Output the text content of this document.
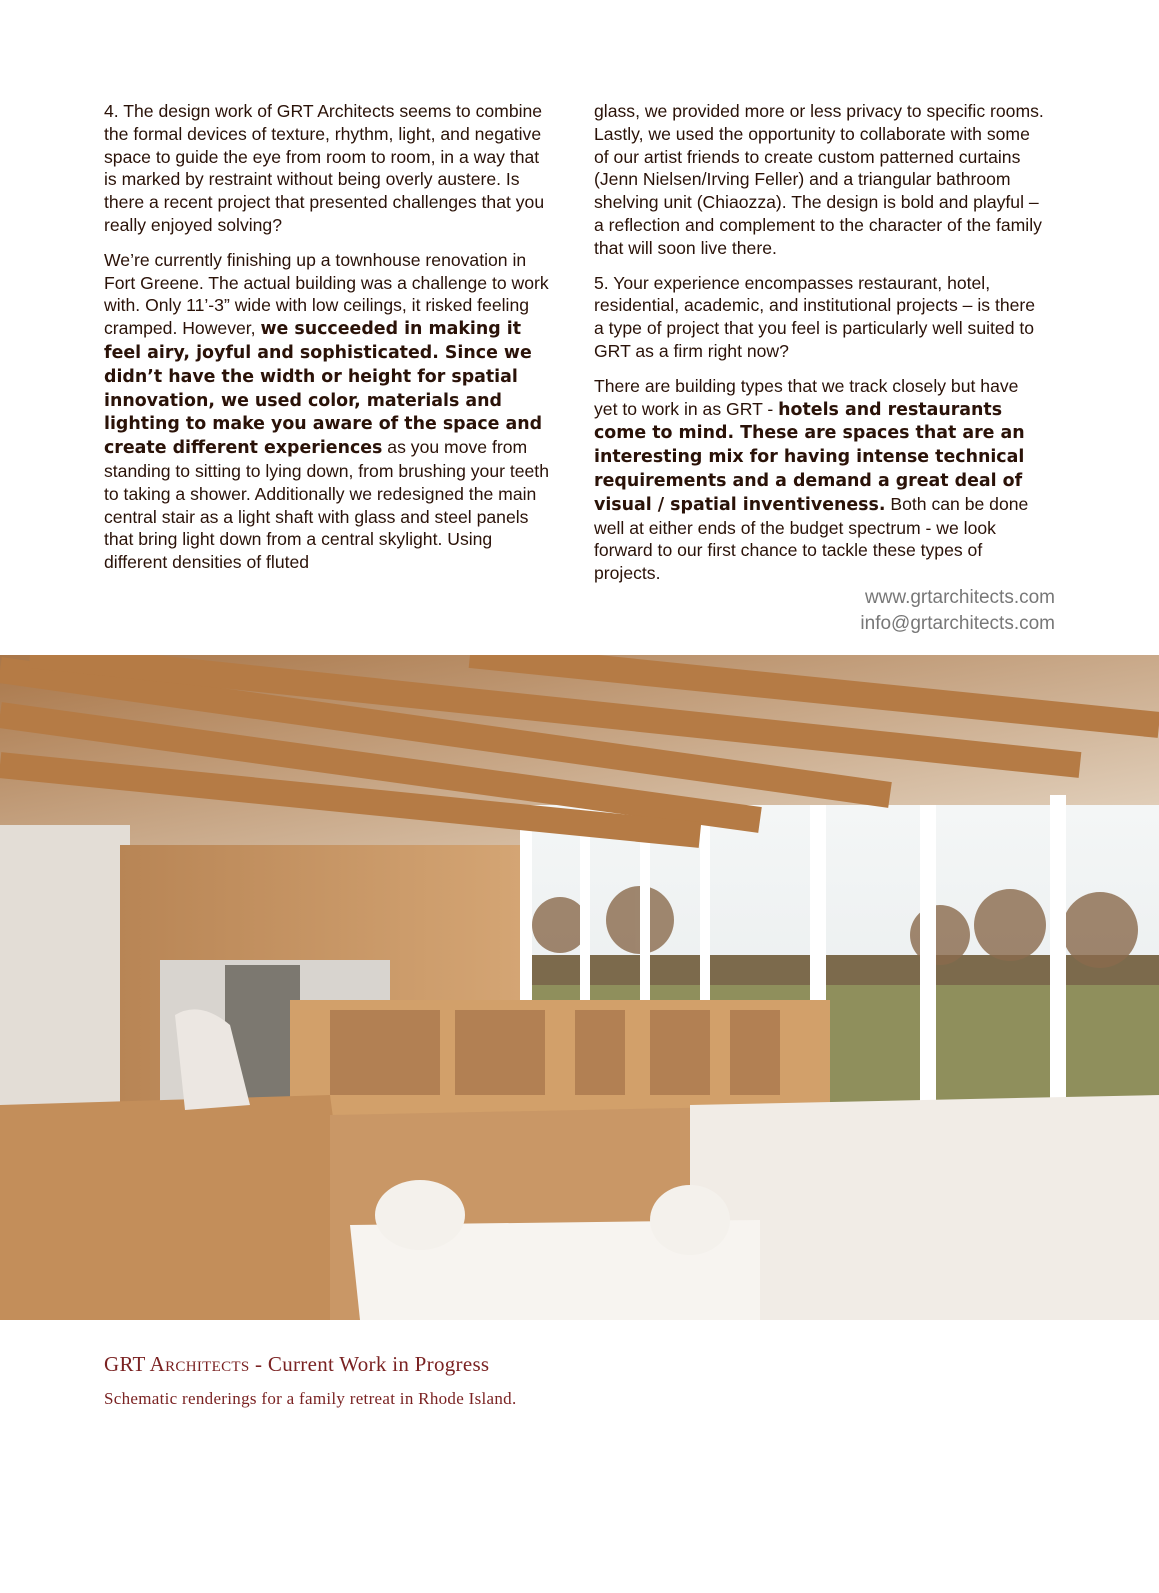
4. The design work of GRT Architects seems to combine the formal devices of texture, rhythm, light, and negative space to guide the eye from room to room, in a way that is marked by restraint without being overly austere. Is there a recent project that presented challenges that you really enjoyed solving?

We’re currently finishing up a townhouse renovation in Fort Greene. The actual building was a challenge to work with. Only 11’-3” wide with low ceilings, it risked feeling cramped. However, we succeeded in making it feel airy, joyful and sophisticated. Since we didn’t have the width or height for spatial innovation, we used color, materials and lighting to make you aware of the space and create different experiences as you move from standing to sitting to lying down, from brushing your teeth to taking a shower. Additionally we redesigned the main central stair as a light shaft with glass and steel panels that bring light down from a central skylight. Using different densities of fluted

glass, we provided more or less privacy to specific rooms. Lastly, we used the opportunity to collaborate with some of our artist friends to create custom patterned curtains (Jenn Nielsen/Irving Feller) and a triangular bathroom shelving unit (Chiaozza). The design is bold and playful – a reflection and complement to the character of the family that will soon live there.

5. Your experience encompasses restaurant, hotel, residential, academic, and institutional projects – is there a type of project that you feel is particularly well suited to GRT as a firm right now?

There are building types that we track closely but have yet to work in as GRT - hotels and restaurants come to mind. These are spaces that are an interesting mix for having intense technical requirements and a demand a great deal of visual / spatial inventiveness. Both can be done well at either ends of the budget spectrum - we look forward to our first chance to tackle these types of projects.

www.grtarchitects.com
info@grtarchitects.com
GRT Architects - Current Work in Progress
Schematic renderings for a family retreat in Rhode Island.
